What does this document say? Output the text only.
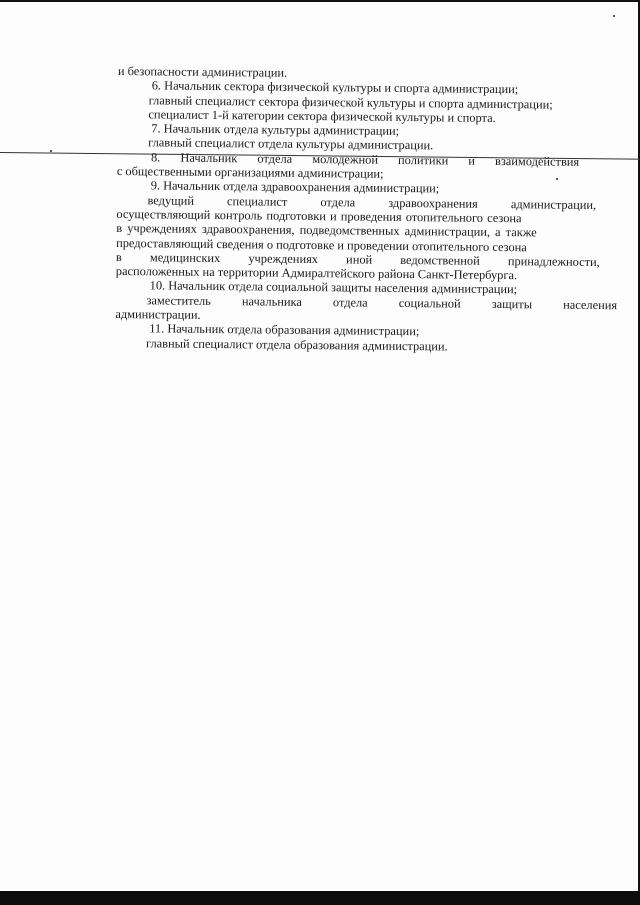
и безопасности администрации.
6. Начальник сектора физической культуры и спорта администрации;
главный специалист сектора физической культуры и спорта администрации;
специалист 1-й категории сектора физической культуры и спорта.
7. Начальник отдела культуры администрации;
главный специалист отдела культуры администрации.
8. Начальник отдела молодежной политики и взаимодействия
с общественными организациями администрации;
9. Начальник отдела здравоохранения администрации;
ведущий специалист отдела здравоохранения администрации,
осуществляющий контроль подготовки и проведения отопительного сезона
в учреждениях здравоохранения, подведомственных администрации, а также
предоставляющий сведения о подготовке и проведении отопительного сезона
в медицинских учреждениях иной ведомственной принадлежности,
расположенных на территории Адмиралтейского района Санкт-Петербурга.
10. Начальник отдела социальной защиты населения администрации;
заместитель начальника отдела социальной защиты населения
администрации.
11. Начальник отдела образования администрации;
главный специалист отдела образования администрации.
